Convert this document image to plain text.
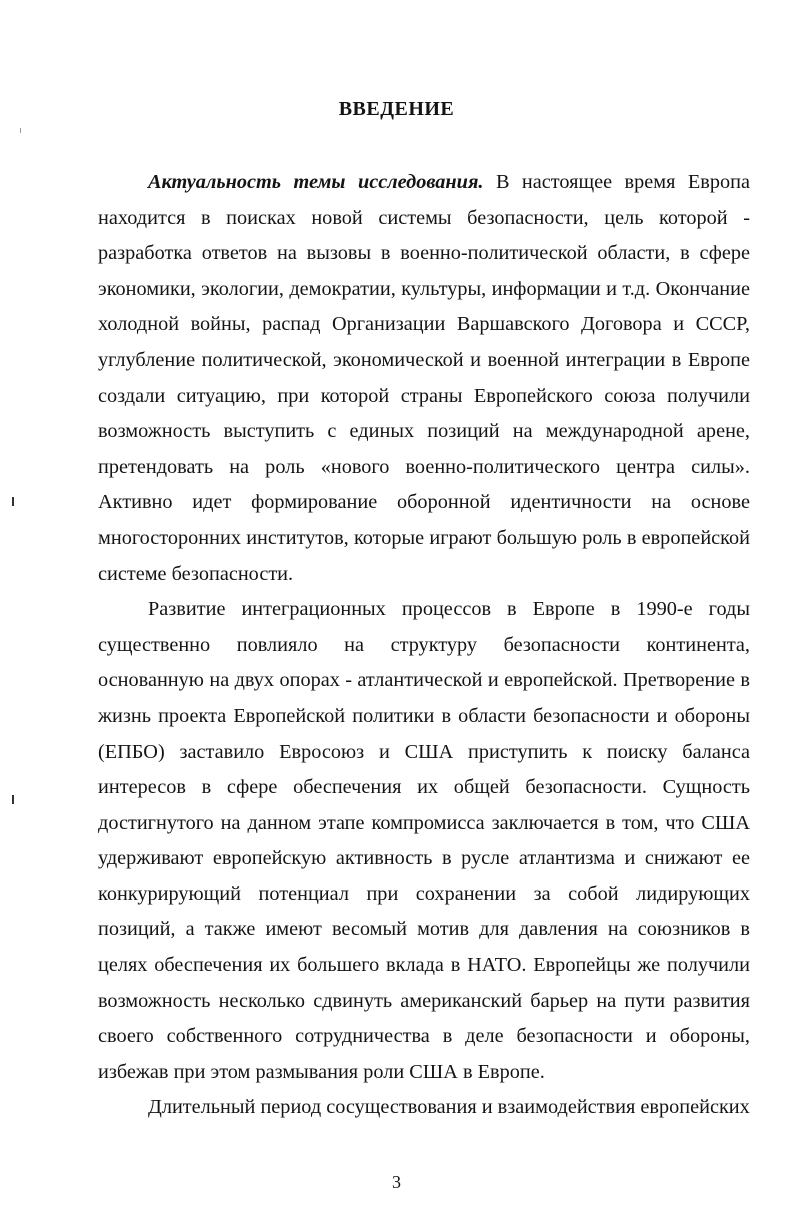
ВВЕДЕНИЕ

Актуальность темы исследования. В настоящее время Европа находится в поисках новой системы безопасности, цель которой - разработка ответов на вызовы в военно-политической области, в сфере экономики, экологии, демократии, культуры, информации и т.д. Окончание холодной войны, распад Организации Варшавского Договора и СССР, углубление политической, экономической и военной интеграции в Европе создали ситуацию, при которой страны Европейского союза получили возможность выступить с единых позиций на международной арене, претендовать на роль «нового военно-политического центра силы». Активно идет формирование оборонной идентичности на основе многосторонних институтов, которые играют большую роль в европейской системе безопасности.

Развитие интеграционных процессов в Европе в 1990-е годы существенно повлияло на структуру безопасности континента, основанную на двух опорах - атлантической и европейской. Претворение в жизнь проекта Европейской политики в области безопасности и обороны (ЕПБО) заставило Евросоюз и США приступить к поиску баланса интересов в сфере обеспечения их общей безопасности. Сущность достигнутого на данном этапе компромисса заключается в том, что США удерживают европейскую активность в русле атлантизма и снижают ее конкурирующий потенциал при сохранении за собой лидирующих позиций, а также имеют весомый мотив для давления на союзников в целях обеспечения их большего вклада в НАТО. Европейцы же получили возможность несколько сдвинуть американский барьер на пути развития своего собственного сотрудничества в деле безопасности и обороны, избежав при этом размывания роли США в Европе.

Длительный период сосуществования и взаимодействия европейских

3
